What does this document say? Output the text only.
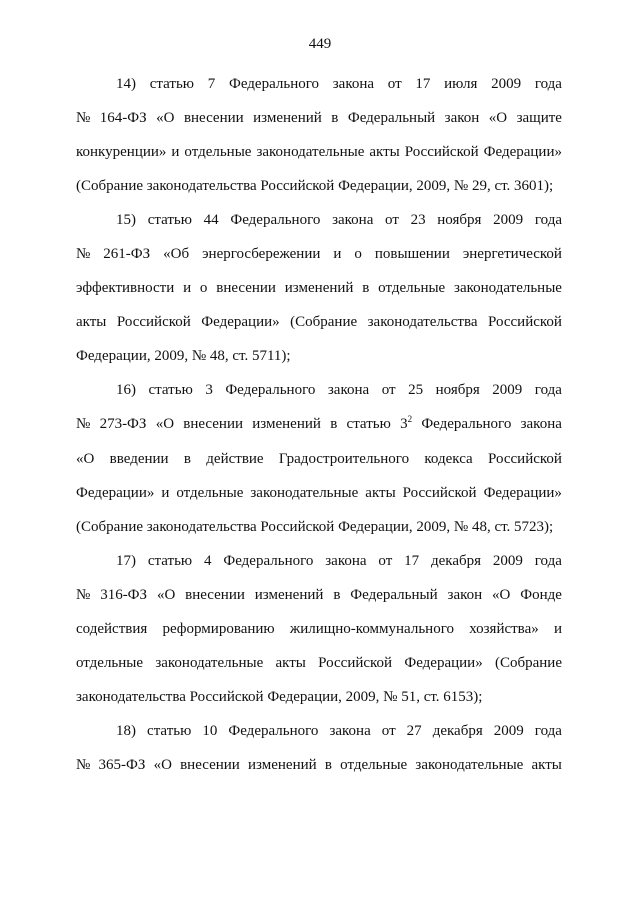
449
14) статью 7 Федерального закона от 17 июля 2009 года
№ 164-ФЗ «О внесении изменений в Федеральный закон «О защите
конкуренции» и отдельные законодательные акты Российской Федерации»
(Собрание законодательства Российской Федерации, 2009, № 29, ст. 3601);
15) статью 44 Федерального закона от 23 ноября 2009 года
№ 261-ФЗ «Об энергосбережении и о повышении энергетической
эффективности и о внесении изменений в отдельные законодательные
акты Российской Федерации» (Собрание законодательства Российской
Федерации, 2009, № 48, ст. 5711);
16) статью 3 Федерального закона от 25 ноября 2009 года
№ 273-ФЗ «О внесении изменений в статью $3^2$ Федерального закона
«О введении в действие Градостроительного кодекса Российской
Федерации» и отдельные законодательные акты Российской Федерации»
(Собрание законодательства Российской Федерации, 2009, № 48, ст. 5723);
17) статью 4 Федерального закона от 17 декабря 2009 года
№ 316-ФЗ «О внесении изменений в Федеральный закон «О Фонде
содействия реформированию жилищно-коммунального хозяйства» и
отдельные законодательные акты Российской Федерации» (Собрание
законодательства Российской Федерации, 2009, № 51, ст. 6153);
18) статью 10 Федерального закона от 27 декабря 2009 года
№ 365-ФЗ «О внесении изменений в отдельные законодательные акты
